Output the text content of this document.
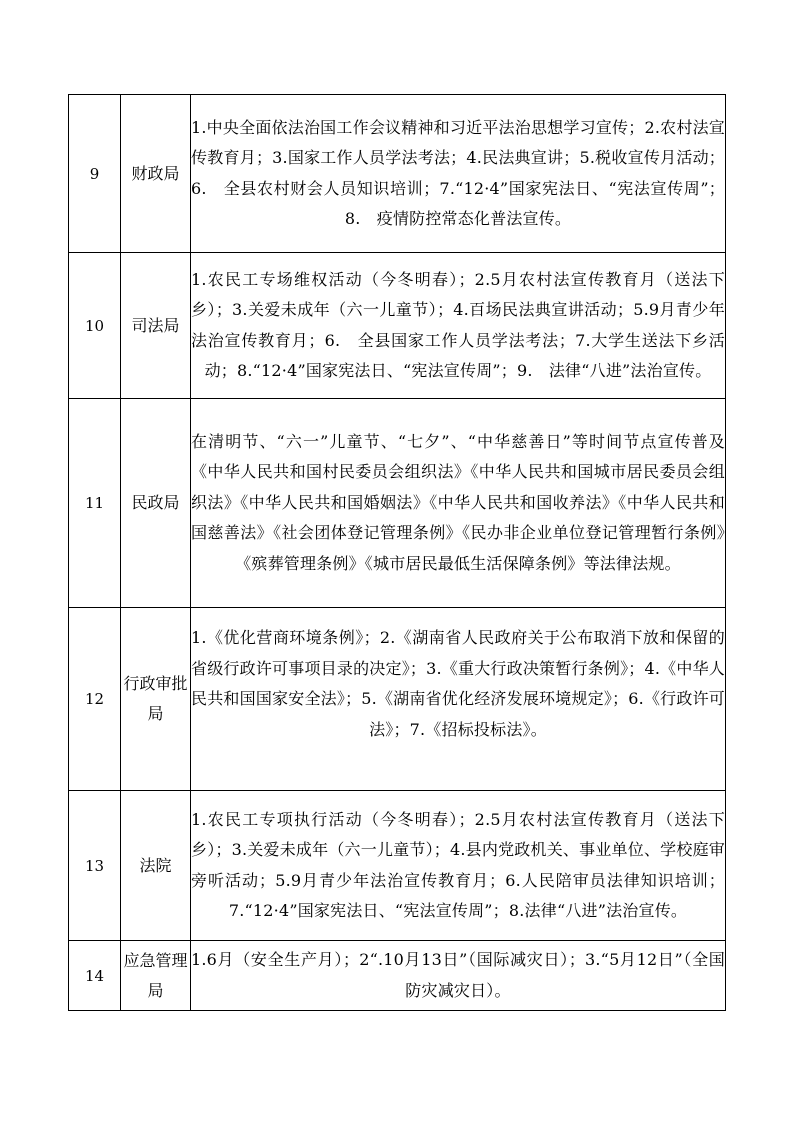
9	财政局	1.中央全面依法治国工作会议精神和习近平法治思想学习宣传；2.农村法宣传教育月；3.国家工作人员学法考法；4.民法典宣讲；5.税收宣传月活动；6.　全县农村财会人员知识培训；7.“12·4”国家宪法日、“宪法宣传周”；8.　疫情防控常态化普法宣传。
10	司法局	1.农民工专场维权活动（今冬明春）；2.5月农村法宣传教育月（送法下乡）；3.关爱未成年（六一儿童节）；4.百场民法典宣讲活动；5.9月青少年法治宣传教育月；6.　全县国家工作人员学法考法；7.大学生送法下乡活动；8.“12·4”国家宪法日、“宪法宣传周”；9.　法律“八进”法治宣传。
11	民政局	在清明节、“六一”儿童节、“七夕”、“中华慈善日”等时间节点宣传普及《中华人民共和国村民委员会组织法》《中华人民共和国城市居民委员会组织法》《中华人民共和国婚姻法》《中华人民共和国收养法》《中华人民共和国慈善法》《社会团体登记管理条例》《民办非企业单位登记管理暂行条例》《殡葬管理条例》《城市居民最低生活保障条例》等法律法规。
12	行政审批局	1.《优化营商环境条例》；2.《湖南省人民政府关于公布取消下放和保留的省级行政许可事项目录的决定》；3.《重大行政决策暂行条例》；4.《中华人民共和国国家安全法》；5.《湖南省优化经济发展环境规定》；6.《行政许可法》；7.《招标投标法》。
13	法院	1.农民工专项执行活动（今冬明春）；2.5月农村法宣传教育月（送法下乡）；3.关爱未成年（六一儿童节）；4.县内党政机关、事业单位、学校庭审旁听活动；5.9月青少年法治宣传教育月；6.人民陪审员法律知识培训；7.“12·4”国家宪法日、“宪法宣传周”；8.法律“八进”法治宣传。
14	应急管理局	1.6月（安全生产月）；2“.10月13日”（国际减灾日）；3.“5月12日”（全国防灾减灾日）。
